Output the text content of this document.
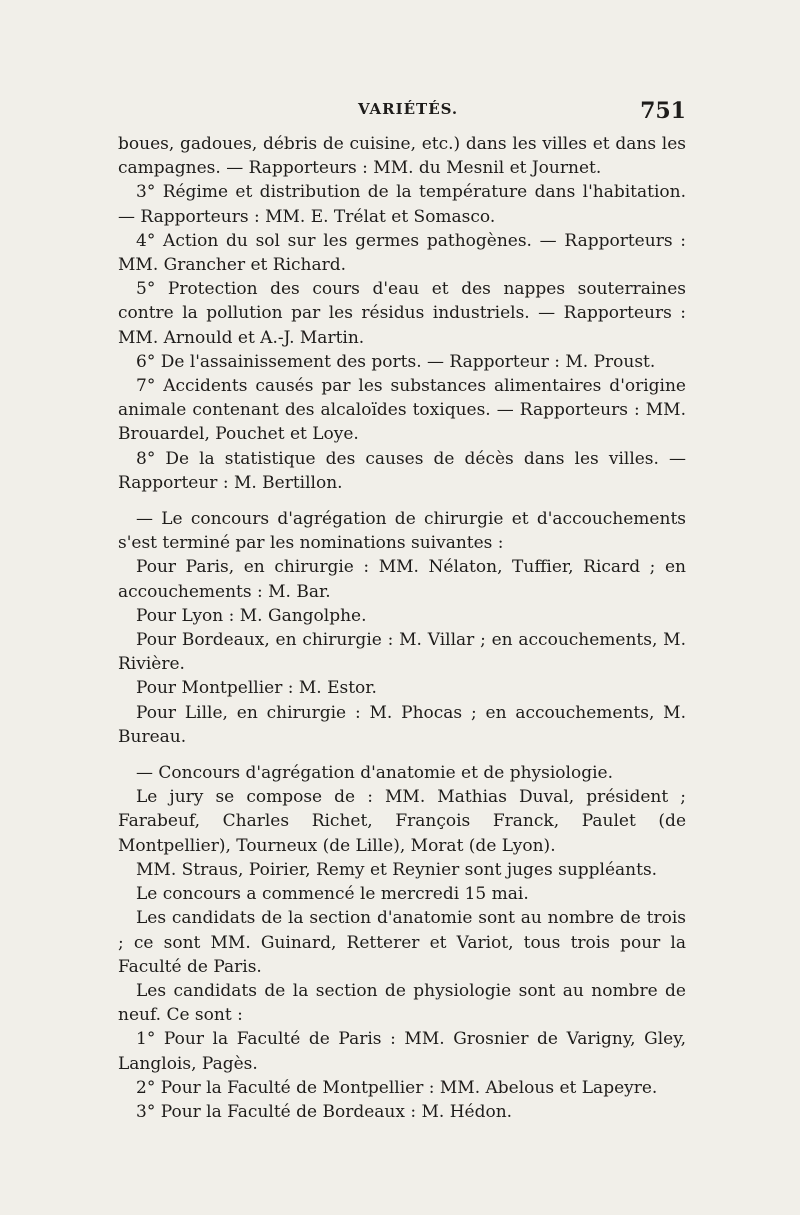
VARIÉTÉS.	751

boues, gadoues, débris de cuisine, etc.) dans les villes et dans les campagnes. — Rapporteurs : MM. du Mesnil et Journet.

3° Régime et distribution de la température dans l'habitation. — Rapporteurs : MM. E. Trélat et Somasco.

4° Action du sol sur les germes pathogènes. — Rapporteurs : MM. Grancher et Richard.

5° Protection des cours d'eau et des nappes souterraines contre la pollution par les résidus industriels. — Rapporteurs : MM. Arnould et A.-J. Martin.

6° De l'assainissement des ports. — Rapporteur : M. Proust.

7° Accidents causés par les substances alimentaires d'origine animale contenant des alcaloïdes toxiques. — Rapporteurs : MM. Brouardel, Pouchet et Loye.

8° De la statistique des causes de décès dans les villes. — Rapporteur : M. Bertillon.

— Le concours d'agrégation de chirurgie et d'accouchements s'est terminé par les nominations suivantes :

Pour Paris, en chirurgie : MM. Nélaton, Tuffier, Ricard ; en accouchements : M. Bar.

Pour Lyon : M. Gangolphe.

Pour Bordeaux, en chirurgie : M. Villar ; en accouchements, M. Rivière.

Pour Montpellier : M. Estor.

Pour Lille, en chirurgie : M. Phocas ; en accouchements, M. Bureau.

— Concours d'agrégation d'anatomie et de physiologie.

Le jury se compose de : MM. Mathias Duval, président ; Farabeuf, Charles Richet, François Franck, Paulet (de Montpellier), Tourneux (de Lille), Morat (de Lyon).

MM. Straus, Poirier, Remy et Reynier sont juges suppléants.

Le concours a commencé le mercredi 15 mai.

Les candidats de la section d'anatomie sont au nombre de trois ; ce sont MM. Guinard, Retterer et Variot, tous trois pour la Faculté de Paris.

Les candidats de la section de physiologie sont au nombre de neuf. Ce sont :

1° Pour la Faculté de Paris : MM. Grosnier de Varigny, Gley, Langlois, Pagès.

2° Pour la Faculté de Montpellier : MM. Abelous et Lapeyre.

3° Pour la Faculté de Bordeaux : M. Hédon.
